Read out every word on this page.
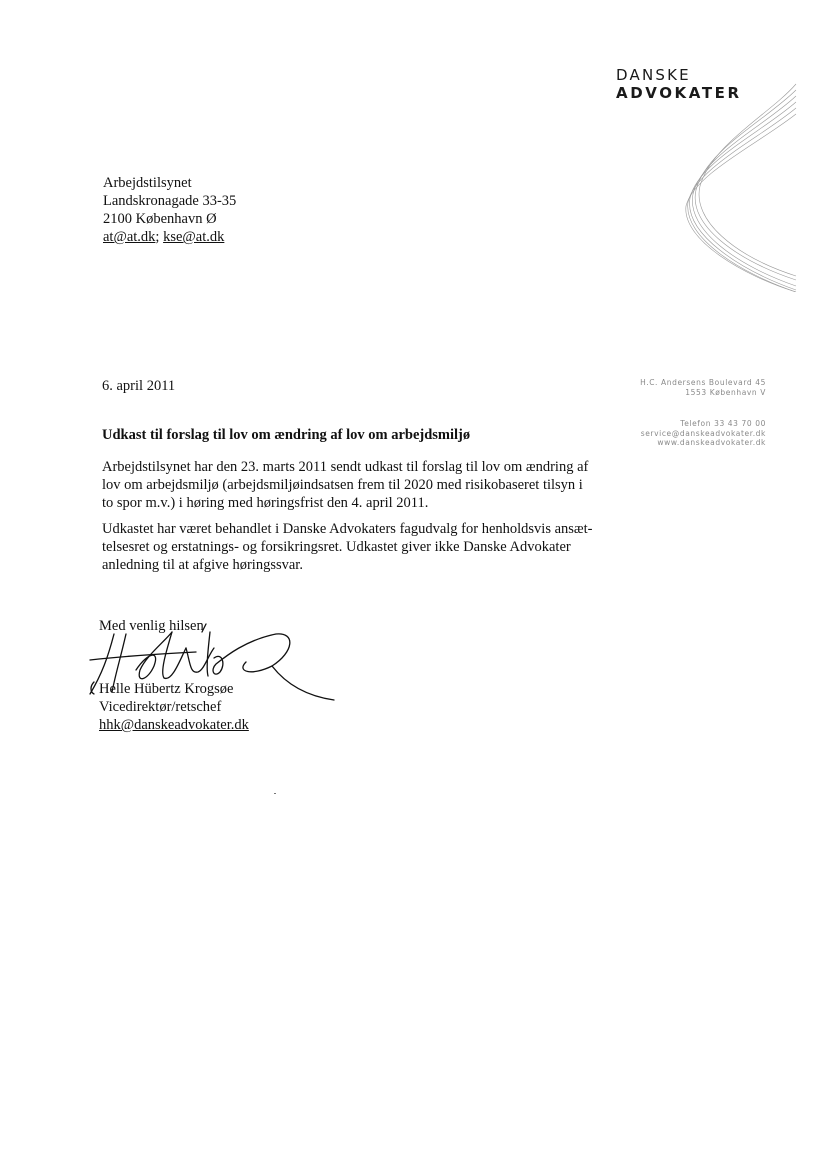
DANSKE
ADVOKATER
Arbejdstilsynet
Landskronagade 33-35
2100 København Ø
at@at.dk; kse@at.dk
H.C. Andersens Boulevard 45
1553 København V
Telefon 33 43 70 00
service@danskeadvokater.dk
www.danskeadvokater.dk
6. april 2011
Udkast til forslag til lov om ændring af lov om arbejdsmiljø
Arbejdstilsynet har den 23. marts 2011 sendt udkast til forslag til lov om ændring af
lov om arbejdsmiljø (arbejdsmiljøindsatsen frem til 2020 med risikobaseret tilsyn i
to spor m.v.) i høring med høringsfrist den 4. april 2011.
Udkastet har været behandlet i Danske Advokaters fagudvalg for henholdsvis ansæt-
telsesret og erstatnings- og forsikringsret. Udkastet giver ikke Danske Advokater
anledning til at afgive høringssvar.
Med venlig hilsen
Helle Hübertz Krogsøe
Vicedirektør/retschef
hhk@danskeadvokater.dk
